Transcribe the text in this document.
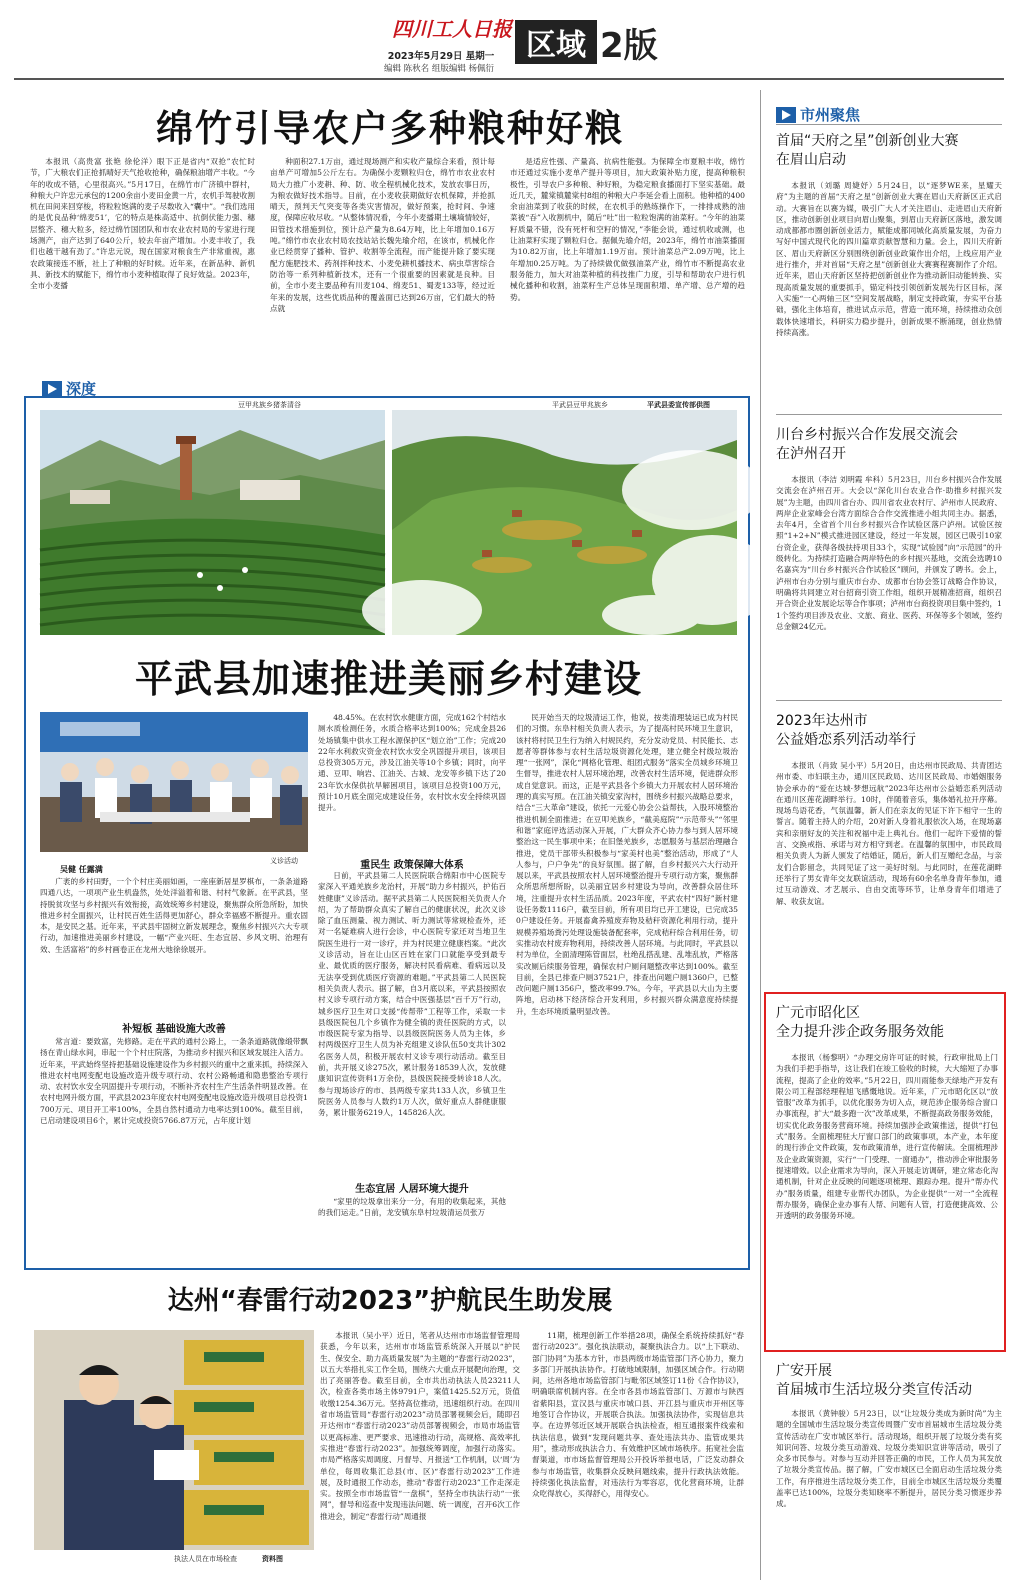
四川工人日报
2023年5月29日 星期一
编辑 陈秋名 组版编辑 杨佩衍
区域 2版
绵竹引导农户多种粮种好粮

本报讯（高贵富 张艳 徐伦洋）眼下正是省内“双抢”农忙时节，广大粮农们正抢抓晴好天气抢收抢种，确保粮油增产丰收。“今年的收成不错，心里很高兴。”5月17日，在绵竹市广济镇中群村，种粮大户许忠元承包的1200余亩小麦田金黄一片，农机手驾驶收割机在田间来回穿梭，将粒粒饱满的麦子尽数收入“囊中”。“我们选用的是优良品种‘绵麦51’，它的特点是株高适中、抗倒伏能力强、穗层整齐、穗大粒多，经过绵竹国团队和市农业农村局的专家进行现场测产，亩产达到了640公斤，较去年亩产增加。小麦丰收了，我们也越干越有劲了。”许忠元说，现在国家对粮食生产非常重视，惠农政策接连不断，社上了种粮的好时候。近年来，在新品种、新机具、新技术的赋能下，绵竹市小麦种植取得了良好效益。2023年，全市小麦播

种面积27.1万亩，通过现场测产和实收产量综合来看，预计每亩单产可增加5公斤左右。为确保小麦颗粒归仓，绵竹市农业农村局大力推广小麦耕、种、防、收全程机械化技术，发放农事日历，为粮农做好技术指导。目前，在小麦收获期做好农机保障，并抢抓晴天，预判天气突变等各类灾害情况，做好预案，抢时间、争速度，保障应收尽收。“从整体情况看，今年小麦播期土壤墒情较好，田管技术措施到位，预计总产量为8.64万吨，比上年增加0.16万吨。”绵竹市农业农村局农技站站长魏先瑜介绍，在该市，机械化作业已经贯穿了播种、管护、收割等全流程，而产能提升除了要实现配方施肥技术、药剂拌种技术、小麦免耕机播技术、病虫草害综合防治等一系列种植新技术，还有一个很重要的因素就是良种。目前，全市小麦主要品种有川麦104、绵麦51、蜀麦133等，经过近年来的发展，这些优质品种的覆盖面已达到26万亩，它们最大的特点就

是适应性强、产量高、抗病性能强。为保障全市夏粮丰收，绵竹市还通过实施小麦单产提升等项目，加大政策补贴力度，提高种粮积极性，引导农户多种粮、种好粮，为稳定粮食播面打下坚实基础。最近几天，麓棠镇麓棠村8组的种粮大户李延会看上面积。他种植的400余亩油菜到了收获的时候，在农机手的熟练操作下，一排排成熟的油菜被“吞”入收割机中，随后“吐”出一粒粒饱满的油菜籽。“今年的油菜籽质量不错，没有死杆和空籽的情况，”李能会说，通过机收或测，也让油菜籽实现了颗粒归仓。据佩先瑜介绍，2023年，绵竹市油菜播面为10.82万亩，比上年增加1.19万亩。预计油菜总产2.09万吨，比上年增加0.25万吨。为了持续做优做强油菜产业，绵竹市不断提高农业服务能力，加大对油菜种植的科技推广力度，引导和帮助农户进行机械化播种和收割，油菜籽生产总体呈现面积增、单产增、总产增的趋势。

深度
豆甲兆族乡猪茶清谷	平武县豆甲兆族乡	平武县委宣传部供图
平武县加速推进美丽乡村建设
义诊活动
吴健 任露满

广袤的乡村田野，一个个村庄美丽如画，一座座新居星罗棋布，一条条道路四通八达，一项项产业生机盎然，处处洋溢着和谐、村村气象新。在平武县，坚持脱贫攻坚与乡村振兴有效衔接，高效统筹乡村建设，聚焦群众所急所盼，加快推进乡村全面振兴，让村民百姓生活得更加舒心，群众幸福感不断提升。重农固本，是安民之基。近年来，平武县牢固树立新发展理念，聚焦乡村振兴六大专项行动，加速推进美丽乡村建设，一幅“产业兴旺、生态宜居、乡风文明、治理有效、生活富裕”的乡村画卷正在龙州大地徐徐展开。

补短板 基础设施大改善

常言道：要致富，先修路。走在平武的通村公路上，一条条道路就像缎带飘扬在青山绿水间，串起一个个村庄院落，为推动乡村振兴和区域发展注入活力。近年来，平武始终坚持把基础设施建设作为乡村振兴的重中之重来抓，持续深入推进农村电网变配电设施改造升级专项行动、农村公路畅通和隐患整治专项行动、农村饮水安全巩固提升专项行动，不断补齐农村生产生活条件明显改善。在农村电网升级方面，平武县2023年度农村电网变配电设施改造升级项目总投资1700万元、项目开工率100%，全县自然村通动力电率达到100%。截至目前，已启动建设项目6个，累计完成投资5766.87万元，占年度计划

48.45%。在农村饮水健康方面，完成162个村结水厕水质检测任务，水质合格率达到100%；完成金县26处场镇集中供水工程水源保护区“划立治”工作；完成2022年水利救灾资金农村饮水安全巩固提升项目，该项目总投资305万元，涉及江油关等10个乡镇；同时，向平通、豆叩、响岩、江油关、古城、龙安等乡镇下达了2023年饮水保供抗旱解困项目，该项目总投资100万元，预计10月底全面完成建设任务，农村饮水安全持续巩固提升。

重民生 政策保障大体系

日前，平武县第二人民医院联合绵阳市中心医院专家深入平通羌族乡龙治村，开展“助力乡村振兴，护佑百姓健康”义诊活动。据平武县第二人民医院相关负责人介绍，为了帮助群众真实了解自己的健康状况，此次义诊除了血压测量、视力测试、听力测试等常规检查外，还对一名疑难病人进行会诊，中心医院专家还对当地卫生院医生进行一对一诊疗，并为村民建立健康档案。“此次义诊活动，旨在让山区百姓在家门口就能享受到最专业、最优质的医疗服务，解决村民看病难、看病远以及无法享受到优质医疗资源的难题。”平武县第二人民医院相关负责人表示。据了解，自3月底以来，平武县按照农村义诊专项行动方案，结合中医强基层“百千万”行动，城乡医疗卫生对口支援“传帮带”工程等工作，采取一卡县级医院包几个乡镇作为健全镇的责任医院的方式，以市级医院专家为指导、以县级医院医务人员为主体，乡村两级医疗卫生人员为补充组建义诊队伍50支共计302名医务人员，积极开展农村义诊专项行动活动。截至目前，共开展义诊275次，累计服务18539人次，发放健康知识宣传资料1万余份，县级医院接受转诊18人次。参与现场诊疗的市、县两级专家共133人次，乡镇卫生院医务人员参与人数约1万人次，做好重点人群健康服务，累计服务6219人，145826人次。

生态宜居 人居环境大提升

“家里的垃圾拿出来分一分，有用的收集起来，其他的我们运走。”日前，龙安镇东阜村垃圾清运员张万

民开始当天的垃圾清运工作，他说，按类清理装运已成为村民们的习惯。东阜村相关负责人表示，为了提高村民环境卫生意识，该村将村民卫生行为纳入村规民约，充分发动党员、村民能长、志愿者等群体参与农村生活垃圾资源化处理，建立健全村级垃圾治理“一张网”，深化“网格化管理、组团式服务”落实全员城乡环境卫生督导，推进农村人居环境治理，改善农村生活环境，促进群众形成自觉意识。而这，正是平武县各个乡镇大力开展农村人居环境治理的真实写照。在江油关镇安家沟村，围绕乡村振兴战略总要求，结合“三大革命”建设，依托一元爱心协会公益帮扶，入股环境整治推进机制全面推进；在豆叩羌族乡，“截美庭院”“示范带头”“邻里和谐”家庭评选活动深入开展，广大群众齐心协力参与到人居环境整治这一民生事项中来；在旧堡羌族乡，志愿服务与基层治理融合推进，党员干部带头积极参与“家美村也美”整治活动，形成了“人人参与，户户争先”的良好氛围。据了解，自乡村振兴六大行动开展以来，平武县按照农村人居环境整治提升专项行动方案，聚焦群众所思所想所盼，以美丽宜居乡村建设为导向，改善群众居住环境，注重提升农村生活品质。2023年度，平武农村“四好”新村建设任务数1116户，截至目前，所有项目均已开工建设，已完成350户建设任务。开展畜禽养殖废弃物及秸秆资源化利用行动，提升规模养殖场粪污处理设施装备配套率，完成秸秆综合利用任务，切实推动农村废弃物利用，持续改善人居环境。与此同时，平武县以村为单位，全面清理陈管面层，杜绝乱搭乱建、乱堆乱放，严格落实改厕后续服务管理，确保农村户厕问题整改率达到100%。截至目前，全县已排查户厕37521户，排查出问题户厕1360户，已整改问题户厕1356户，整改率99.7%。今年，平武县以大山为主要阵地，启动林下经济综合开发利用，乡村振兴群众满意度持续提升，生态环境质量明显改善。

达州“春雷行动2023”护航民生助发展
执法人员在市场检查	资料图

本报讯（吴小平）近日，笔者从达州市市场监督管理局获悉，今年以来，达州市市场监管系统深入开展以“护民生、保安全、助力高质量发展”为主题的“春雷行动2023”，以五大举措扎实工作全局，围绕六大重点开展靶向治理，交出了亮丽答卷。截至目前，全市共出动执法人员23211人次，检查各类市场主体9791户，案值1425.52万元，货值收缴1254.36万元。坚持高位推动，迅速组织行动。在四川省市场监管局“春雷行动2023”动员部署视频会后，随即召开达州市“春雷行动2023”动员部署视频会，市局市场监管以更高标准、更严要求、迅速推动行动，高规格、高效率扎实推进“春雷行动2023”。加强统筹调度，加强行动落实。市局严格落实周调度、月督导、月报送“工作机制，以‘周’为单位，每周收集汇总县(市、区)“春雷行动2023”工作进展，及时通报工作动态，推动“春雷行动2023”工作走深走实。按照全市市场监管“一盘棋”，坚持全市执法行动“一张网”，督导和巡查中发现违法问题、统一调度，召开6次工作推进会，制定“春雷行动”周通报

11期，梳理创新工作举措28项，确保全系统持续抓好“春雷行动2023”。强化执法联动，凝聚执法合力。以“上下联动、部门协同”为基本方针，市县两级市场监管部门齐心协力，聚力多部门开展执法协作。打破地域限制，加强区域合作。行动期间，达州各地市场监管部门与毗邻区域签订11份《合作协议》，明确联席机制内容。在全市各县市场监管部门、万源市与陕西省紫阳县，宣汉县与重庆市城口县、开江县与重庆市开州区等地签订合作协议，开展联合执法。加强执法协作，实现信息共享。在边界邻近区域开展联合执法检查，相互通报案件线索和执法信息，做到“发现问题共享、查处违法共办、监管成果共用”，推动形成执法合力、有效维护区域市场秩序。拓宽社会监督渠道，市市场监督管理局公开投诉举报电话，广泛发动群众参与市场监管，收集群众反映问题线索，提升行政执法效能。持续强化执法监督，对违法行为零容忍，优化营商环境，让群众吃得放心，买得舒心，用得安心。

市州聚焦
首届“天府之星”创新创业大赛
在眉山启动

本报讯（刘璐 周婕妤）5月24日，以“逐梦WE来，星耀天府”为主题的首届“天府之星”创新创业大赛在眉山天府新区正式启动。大赛旨在以赛为媒，吸引广大人才关注眉山、走进眉山天府新区，推动创新创业项目向眉山聚集，到眉山天府新区落地，激发调动成都都市圈创新创业活力，赋能成都同城化高质量发展，为奋力写好中国式现代化的四川篇章贡献智慧和力量。会上，四川天府新区、眉山天府新区分别围绕创新创业政策作出介绍，上线应用产业进行推介，并对首届“天府之星”创新创业大赛赛程赛制作了介绍。近年来，眉山天府新区坚持把创新创业作为推动新旧动能转换、实现高质量发展的重要抓手，锚定科技引领创新发展先行区目标，深入实施“一心两轴三区”空间发展战略，制定支持政策，夯实平台基础，强化主体培育，推进试点示范，营造一流环境，持续推动众创载体快速增长，科研实力稳步提升，创新成果不断涌现，创业热情持续高涨。

川台乡村振兴合作发展交流会
在泸州召开

本报讯（李洁 刘明霞 牟科）5月23日，川台乡村振兴合作发展交流会在泸州召开。大会以“深化川台农业合作·助推乡村振兴发展”为主题，由四川省台办、四川省农业农村厅、泸州市人民政府、两岸企业家峰会台湾方面综合合作交流推进小组共同主办。据悉，去年4月，全省首个川台乡村振兴合作试验区落户泸州。试验区按照“1+2+N”模式推进园区建设，经过一年发展，园区已吸引10家台资企业，获得各级扶持项目33个，实现“试验园”向“示范园”的升级转化。为持续打造融合两岸特色的乡村振兴基地，交流会选聘10名嘉宾为“川台乡村振兴合作试验区”顾问，并颁发了聘书。会上，泸州市台办分别与重庆市台办、成都市台协会签订战略合作协议，明确将共同建立对台招商引资工作组，组织开展精准招商，组织召开合资企业发展论坛等合作事项；泸州市台商投资项目集中签约，11个签约项目涉及农业、文旅、商业、医药、环保等多个领域，签约总金额24亿元。

2023年达州市
公益婚恋系列活动举行

本报讯（肖致 吴小平）5月20日，由达州市民政局、共青团达州市委、市妇联主办，通川区民政局、达川区民政局、市婚姻服务协会承办的“爱在达城·梦想远航”2023年达州市公益婚恋系列活动在通川区莲花湖畔举行。10时，伴随着音乐，集体婚礼拉开序幕。现场鸟语花香，气氛温馨，新人们在亲友的见证下许下相守一生的誓言。随着主持人的介绍，20对新人身着礼服依次入场，在现场嘉宾和亲朋好友的关注和祝福中走上典礼台。他们一起许下爱情的誓言、交换戒指、承诺与对方相守到老。在温馨的氛围中，市民政局相关负责人为新人颁发了结婚证，随后，新人们互赠纪念品，与亲友们合影留念，共同见证了这一美好时刻。与此同时，在莲花湖畔还举行了男女青年交友联谊活动，现场有60余名单身青年参加，通过互动游戏、才艺展示、自由交流等环节，让单身青年们增进了解、收获友谊。

广元市昭化区
全力提升涉企政务服务效能

本报讯（杨黎明）“办理交房许可证的时候，行政审批局上门为我们手把手指导，这让我们在竣工验收的时候，大大缩短了办事流程，提高了企业的效率。”5月22日，四川雨能参天绿地产开发有限公司工程部经理程旭飞感慨地说。近年来，广元市昭化区以“放管服”改革为抓手，以优化服务为切入点，规范涉企服务综合窗口办事流程，扩大“最多跑一次”改革成果，不断提高政务服务效能，切实优化政务服务营商环境。持续加强涉企政策推送，提供“打包式”服务。全面梳理驻大厅窗口部门的政策事项，本产业，本年度的现行涉企文件政策，发布政策清单，进行宣传解读。全面梳理涉及企业政策资源，实行“一门受理、一窗通办”，推动涉企审批服务提速增效。以企业需求为导向，深入开展走访调研，建立常态化沟通机制，针对企业反映的问题逐项梳理、跟踪办理。提升“帮办代办”服务质量，组建专业帮代办团队，为企业提供“一对一”全流程帮办服务，确保企业办事有人帮、问题有人管，打造便捷高效、公开透明的政务服务环境。

广安开展
首届城市生活垃圾分类宣传活动

本报讯（黄钟骏）5月23日，以“让垃圾分类成为新时尚”为主题的全国城市生活垃圾分类宣传周暨广安市首届城市生活垃圾分类宣传活动在广安市城区举行。活动现场，组织开展了垃圾分类有奖知识问答、垃圾分类互动游戏、垃圾分类知识宣讲等活动，吸引了众多市民参与。对参与互动并回答正确的市民，工作人员为其发放了垃圾分类宣传品。据了解，广安市城区已全面启动生活垃圾分类工作，有序推进生活垃圾分类工作，目前全市城区生活垃圾分类覆盖率已达100%，垃圾分类知晓率不断提升，居民分类习惯逐步养成。
